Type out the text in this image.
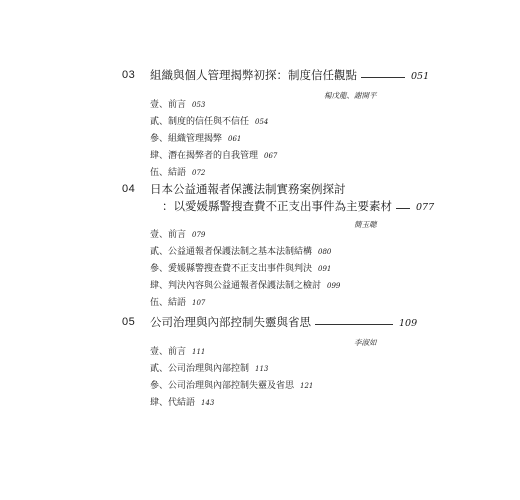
03 組織與個人管理揭弊初探：制度信任觀點	051
楊戊龍、謝開平
壹、前言 053
貳、制度的信任與不信任 054
參、組織管理揭弊 061
肆、潛在揭弊者的自我管理 067
伍、結語 072
04 日本公益通報者保護法制實務案例探討
：以愛媛縣警搜查費不正支出事件為主要素材	077
簡玉聰
壹、前言 079
貳、公益通報者保護法制之基本法制結構 080
參、愛媛縣警搜查費不正支出事件與判決 091
肆、判決內容與公益通報者保護法制之檢討 099
伍、結語 107
05 公司治理與內部控制失靈與省思	109
李淑如
壹、前言 111
貳、公司治理與內部控制 113
參、公司治理與內部控制失靈及省思 121
肆、代結語 143
